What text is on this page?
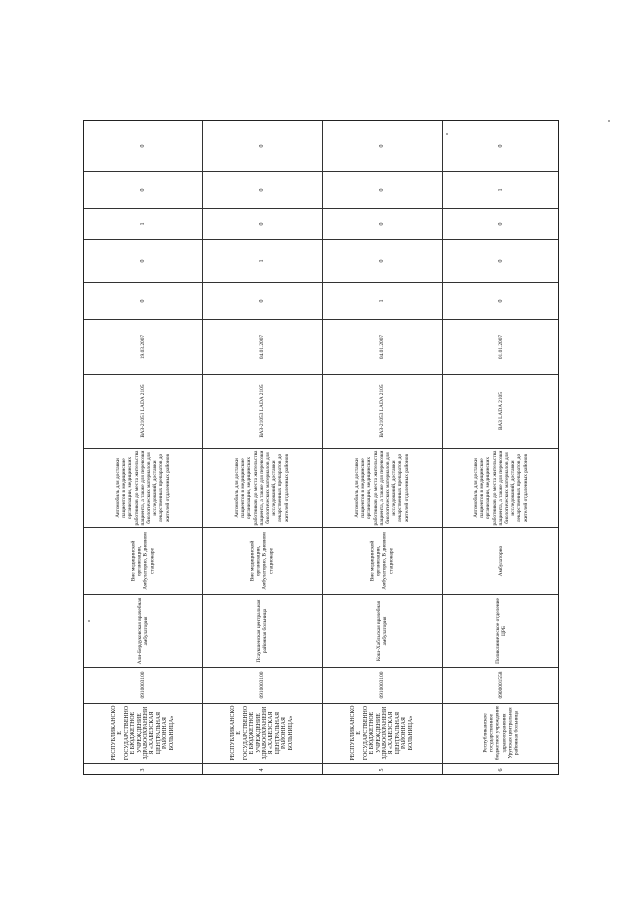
0
0
1
0
0
19.03.2007
ВАЗ-21051 LADA 2105
Автомобиль для доставки пациентов в медицинские организации, медицинских работников до места жительства пациента, а также для перевозки биологических материалов для исследований, доставки лекарственных препаратов до жителей отдаленных районов
Вне медицинской организации, Амбулаторно, В дневном стационаре
Али-Бердуковская врачебная амбулатория
0910003100
РЕСПУБЛИКАНСКОЕ ГОСУДАРСТВЕННОЕ БЮДЖЕТНОЕ УЧРЕЖДЕНИЕ ЗДРАВООХРАНЕНИЯ «ХАБЕЗСКАЯ ЦЕНТРАЛЬНАЯ РАЙОННАЯ БОЛЬНИЦА»
3
0
0
0
1
0
04.01.2007
ВАЗ-21053 LADA 2105
Автомобиль для доставки пациентов в медицинские организации, медицинских работников до места жительства пациента, а также для перевозки биологических материалов для исследований, доставки лекарственных препаратов до жителей отдаленных районов
Вне медицинской организации, Амбулаторно, В дневном стационаре
Псаукшенская центральная районная больница
0910003100
РЕСПУБЛИКАНСКОЕ ГОСУДАРСТВЕННОЕ БЮДЖЕТНОЕ УЧРЕЖДЕНИЕ ЗДРАВООХРАНЕНИЯ «ХАБЕЗСКАЯ ЦЕНТРАЛЬНАЯ РАЙОННАЯ БОЛЬНИЦА»
4
0
0
0
0
1
04.01.2007
ВАЗ-21053 LADA 2105
Автомобиль для доставки пациентов в медицинские организации, медицинских работников до места жительства пациента, а также для перевозки биологических материалов для исследований, доставки лекарственных препаратов до жителей отдаленных районов
Вне медицинской организации, Амбулаторно, В дневном стационаре
Кош-Хабльская врачебная амбулатория
0910003100
РЕСПУБЛИКАНСКОЕ ГОСУДАРСТВЕННОЕ БЮДЖЕТНОЕ УЧРЕЖДЕНИЕ ЗДРАВООХРАНЕНИЯ «ХАБЕЗСКАЯ ЦЕНТРАЛЬНАЯ РАЙОННАЯ БОЛЬНИЦА»
5
0
1
0
0
0
01.01.2007
ВАЗ LADA 2105
Автомобиль для доставки пациентов в медицинские организации, медицинских работников до места жительства пациента, а также для перевозки биологических материалов для исследований, доставки лекарственных препаратов до жителей отдаленных районов
Амбулаторно
Поликлиническое отделение ЦРБ
0900001558
Республиканское государственное бюджетное учреждение здравоохранения Урупская центральная районная больница
6
